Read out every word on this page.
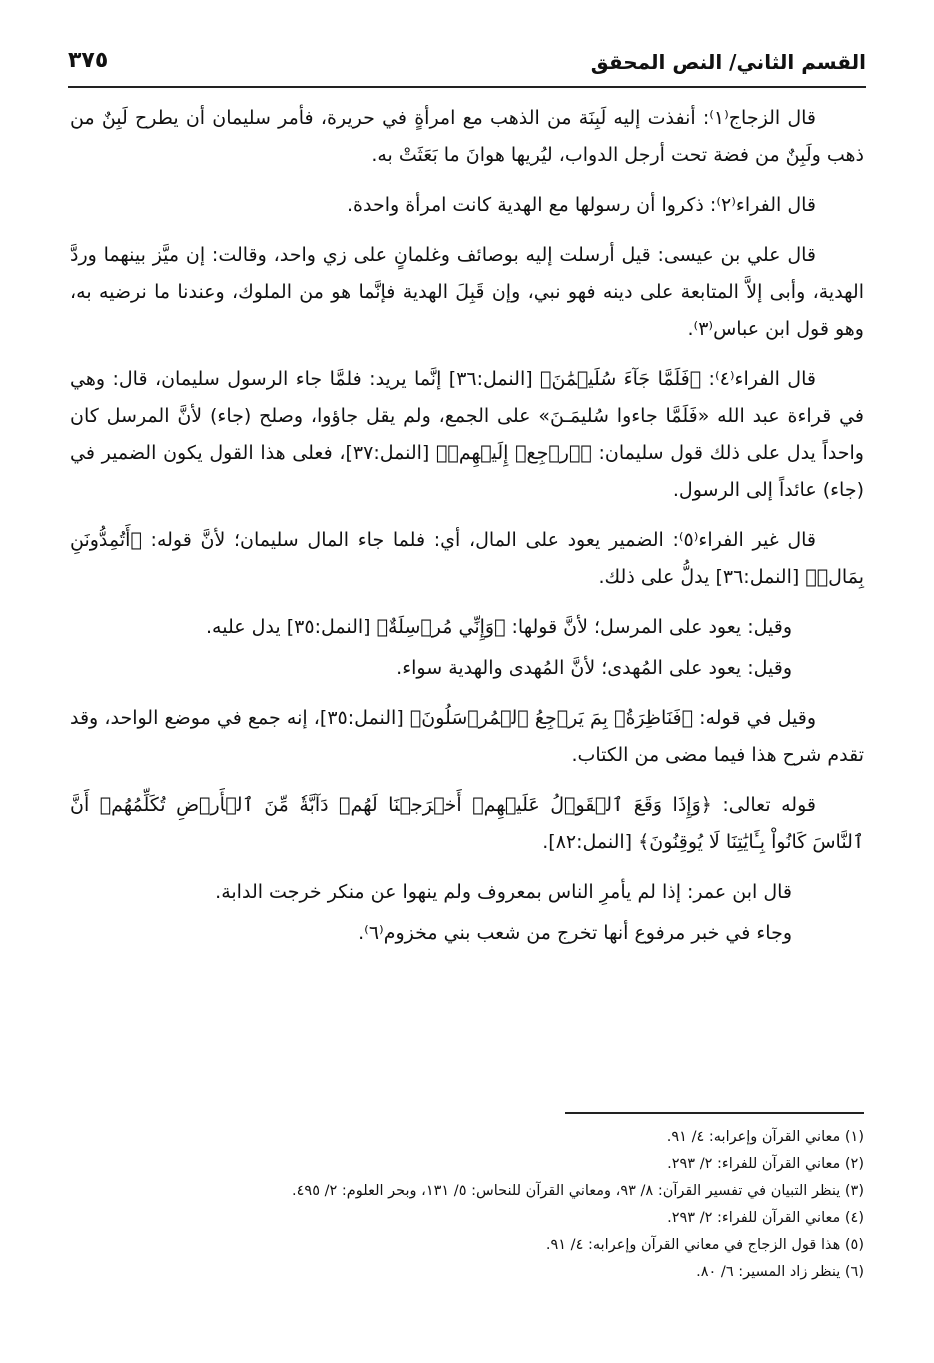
القسم الثاني/ النص المحقق
٣٧٥

قال الزجاج⁽١⁾: أنفذت إليه لَبِنَة من الذهب مع امرأةٍ في حريرة، فأمر سليمان أن يطرح لَبِنٌ من ذهب ولَبِنٌ من فضة تحت أرجل الدواب، ليُريها هوانَ ما بَعَثَتْ به.

قال الفراء⁽٢⁾: ذكروا أن رسولها مع الهدية كانت امرأة واحدة.

قال علي بن عيسى: قيل أرسلت إليه بوصائف وغلمانٍ على زي واحد، وقالت: إن ميَّز بينهما وردَّ الهدية، وأبى إلاَّ المتابعة على دينه فهو نبي، وإن قَبِلَ الهدية فإنَّما هو من الملوك، وعندنا ما نرضيه به، وهو قول ابن عباس⁽٣⁾.

قال الفراء⁽٤⁾: ﴿فَلَمَّا جَآءَ سُلَيۡمَٰنَ﴾ [النمل:٣٦] إنَّما يريد: فلمَّا جاء الرسول سليمان، قال: وهي في قراءة عبد الله «فَلَمَّا جاءوا سُليمَـنَ» على الجمع، ولم يقل جاؤوا، وصلح (جاء) لأنَّ المرسل كان واحداً يدل على ذلك قول سليمان: ﴿ٱرۡجِعۡ إِلَيۡهِمۡ﴾ [النمل:٣٧]، فعلى هذا القول يكون الضمير في (جاء) عائداً إلى الرسول.

قال غير الفراء⁽٥⁾: الضمير يعود على المال، أي: فلما جاء المال سليمان؛ لأنَّ قوله: ﴿أَتُمِدُّونَنِ بِمَالٖ﴾ [النمل:٣٦] يدلُّ على ذلك.

وقيل: يعود على المرسل؛ لأنَّ قولها: ﴿وَإِنِّي مُرۡسِلَةٌ﴾ [النمل:٣٥] يدل عليه.

وقيل: يعود على المُهدى؛ لأنَّ المُهدى والهدية سواء.

وقيل في قوله: ﴿فَنَاظِرَةُۢ بِمَ يَرۡجِعُ ٱلۡمُرۡسَلُونَ﴾ [النمل:٣٥]، إنه جمع في موضع الواحد، وقد تقدم شرح هذا فيما مضى من الكتاب.

قوله تعالى: ﴿وَإِذَا وَقَعَ ٱلۡقَوۡلُ عَلَيۡهِمۡ أَخۡرَجۡنَا لَهُمۡ دَآبَّةٗ مِّنَ ٱلۡأَرۡضِ تُكَلِّمُهُمۡ أَنَّ ٱلنَّاسَ كَانُواْ بِـَٔايَٰتِنَا لَا يُوقِنُونَ﴾ [النمل:٨٢].

قال ابن عمر: إذا لم يأمرِ الناس بمعروف ولم ينهوا عن منكر خرجت الدابة.

وجاء في خبر مرفوع أنها تخرج من شعب بني مخزوم⁽٦⁾.

(١) معاني القرآن وإعرابه: ٤/ ٩١.
(٢) معاني القرآن للفراء: ٢/ ٢٩٣.
(٣) ينظر التبيان في تفسير القرآن: ٨/ ٩٣، ومعاني القرآن للنحاس: ٥/ ١٣١، وبحر العلوم: ٢/ ٤٩٥.
(٤) معاني القرآن للفراء: ٢/ ٢٩٣.
(٥) هذا قول الزجاج في معاني القرآن وإعرابه: ٤/ ٩١.
(٦) ينظر زاد المسير: ٦/ ٨٠.
